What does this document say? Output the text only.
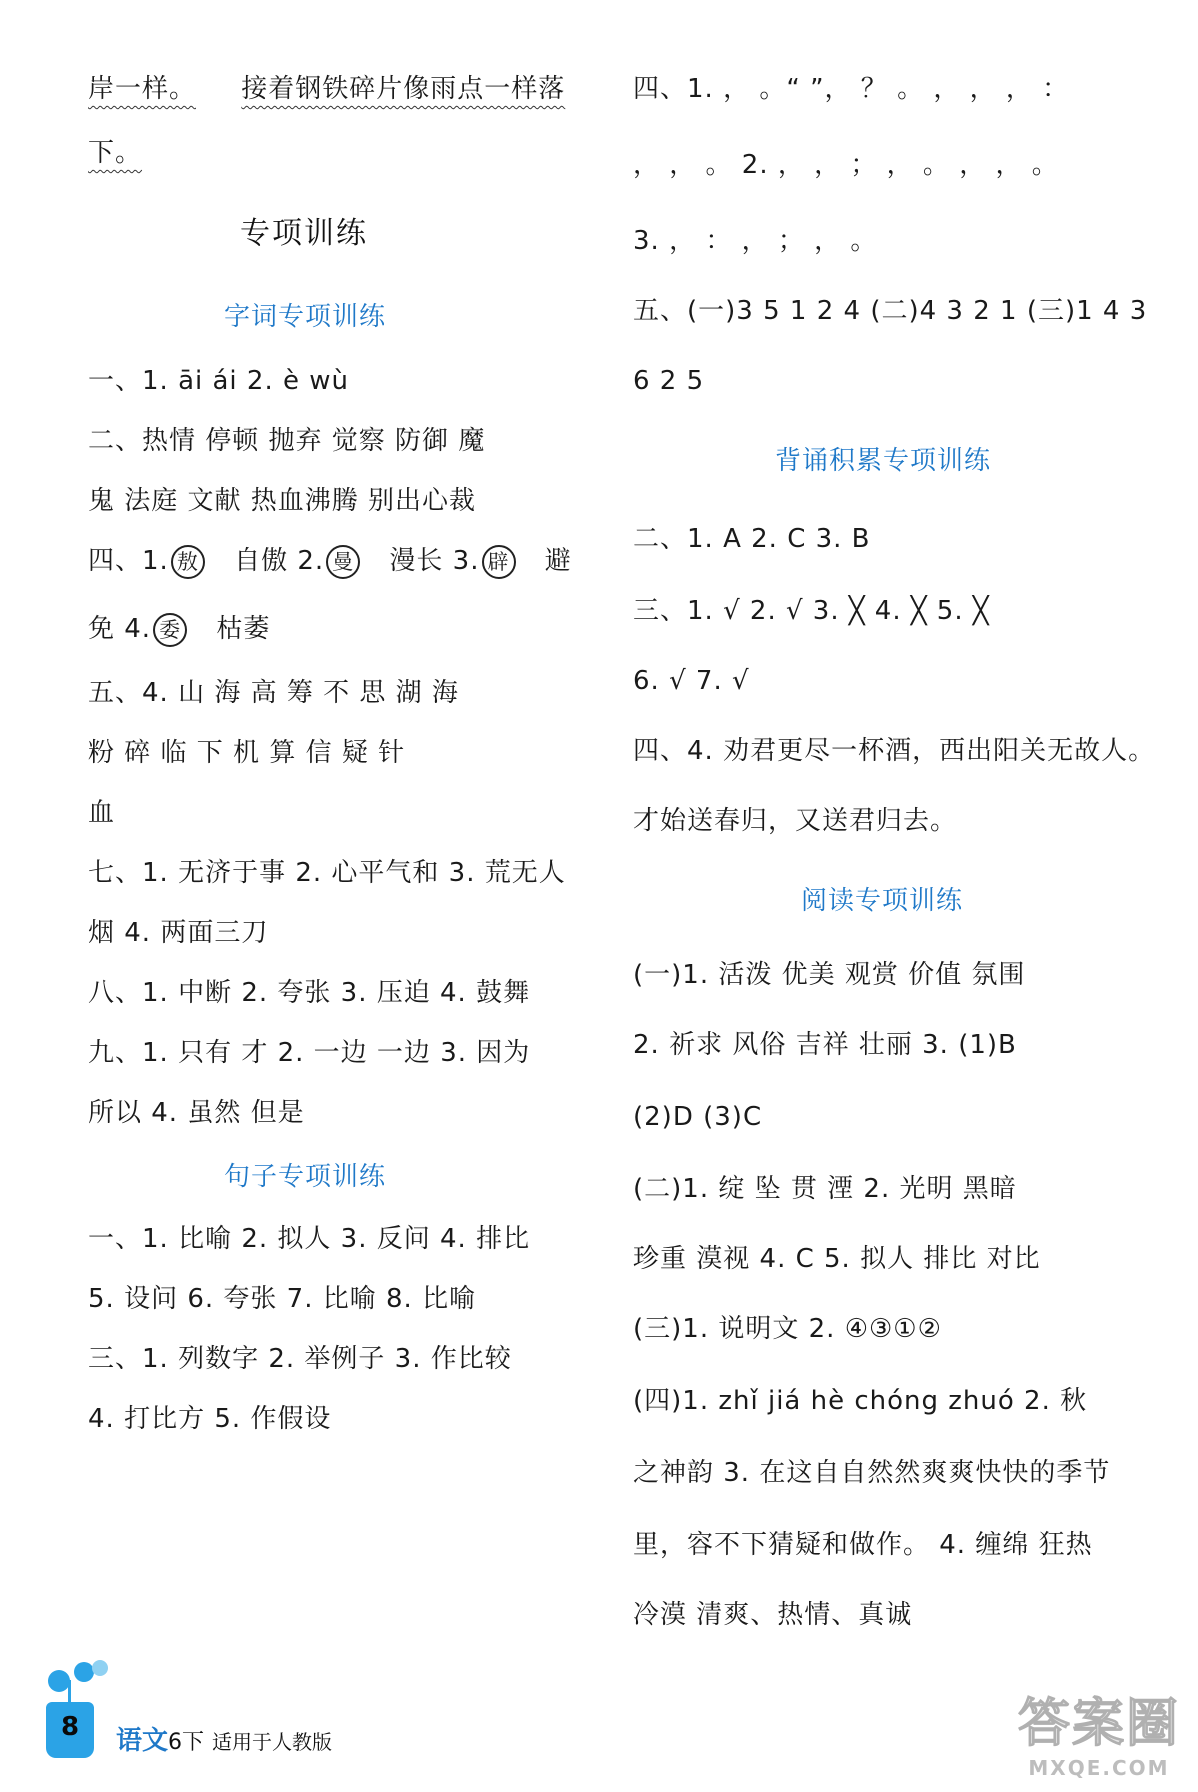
岸一样。 接着钢铁碎片像雨点一样落
下。
专项训练
字词专项训练
一、1. āi ái 2. è wù
二、热情 停顿 抛弃 觉察 防御 魔
鬼 法庭 文献 热血沸腾 别出心裁
四、1. 敖 自傲 2. 曼 漫长 3. 辟 避
免 4. 委 枯萎
五、4. 山 海 高 筹 不 思 湖 海
粉 碎 临 下 机 算 信 疑 针
血
七、1. 无济于事 2. 心平气和 3. 荒无人
烟 4. 两面三刀
八、1. 中断 2. 夸张 3. 压迫 4. 鼓舞
九、1. 只有 才 2. 一边 一边 3. 因为
所以 4. 虽然 但是
句子专项训练
一、1. 比喻 2. 拟人 3. 反问 4. 排比
5. 设问 6. 夸张 7. 比喻 8. 比喻
三、1. 列数字 2. 举例子 3. 作比较
4. 打比方 5. 作假设
四、1. ， 。“ ”， ？ 。 ， ， ， ：
， ， 。 2. ， ， ； ， 。 ， ， 。
3. ， ： ， ； ， 。
五、(一)3 5 1 2 4 (二)4 3 2 1 (三)1 4 3
6 2 5
背诵积累专项训练
二、1. A 2. C 3. B
三、1. √ 2. √ 3. ╳ 4. ╳ 5. ╳
6. √ 7. √
四、4. 劝君更尽一杯酒，西出阳关无故人。
才始送春归，又送君归去。
阅读专项训练
(一)1. 活泼 优美 观赏 价值 氛围
2. 祈求 风俗 吉祥 壮丽 3. (1)B
(2)D (3)C
(二)1. 绽 坠 贯 湮 2. 光明 黑暗
珍重 漠视 4. C 5. 拟人 排比 对比
(三)1. 说明文 2. ④③①②
(四)1. zhǐ jiá hè chóng zhuó 2. 秋
之神韵 3. 在这自自然然爽爽快快的季节
里，容不下猜疑和做作。 4. 缠绵 狂热
冷漠 清爽、热情、真诚
8	语文6下 适用于人教版	答案圈
MXQE.COM
